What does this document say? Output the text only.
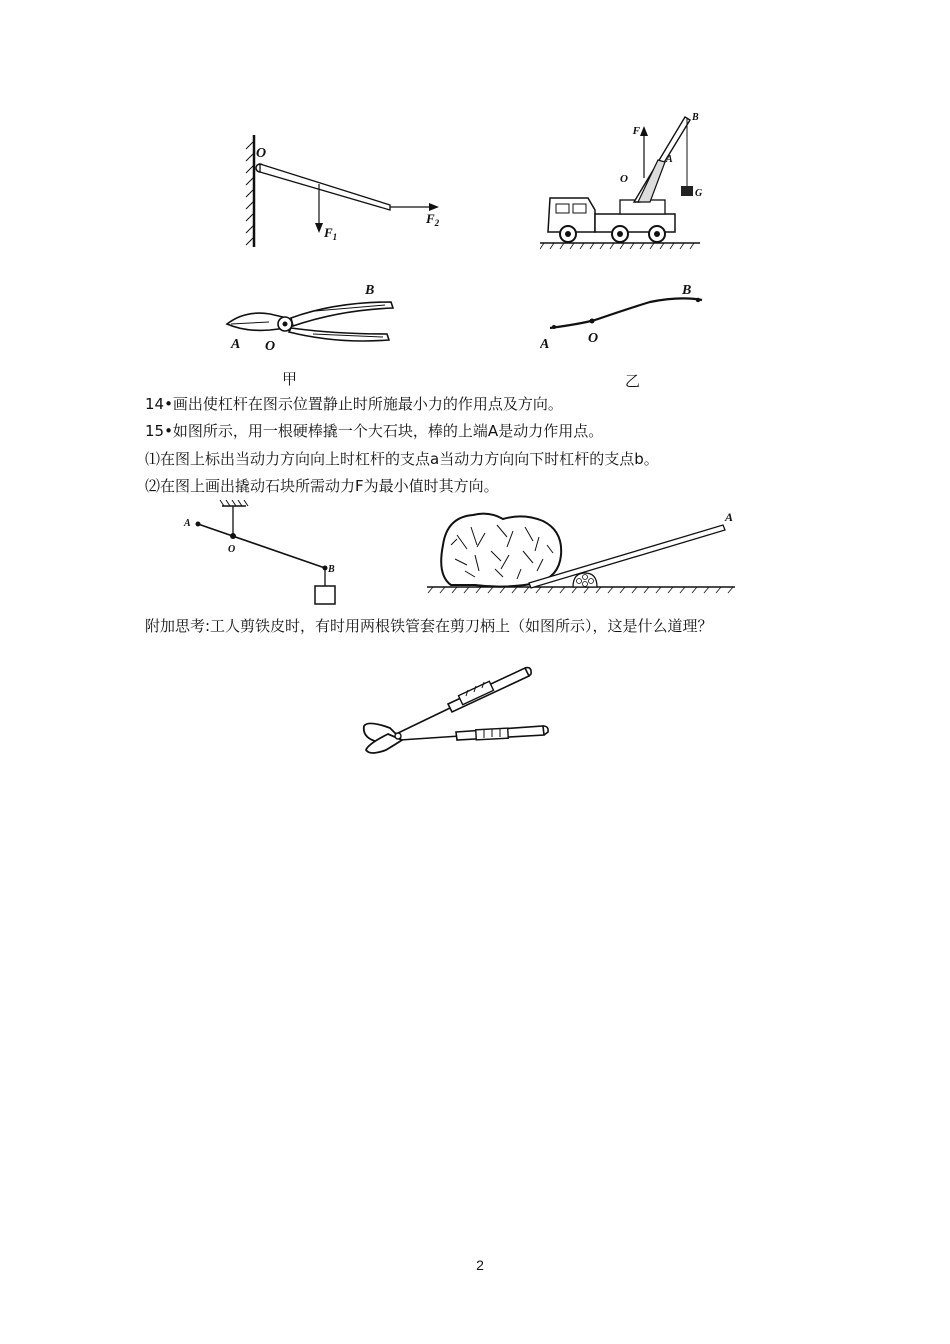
O
$F_1$
$F_2$
F
B
A
O
G
B
A O	A	O
B
甲	乙
14•画出使杠杆在图示位置静止时所施最小力的作用点及方向。
15•如图所示，用一根硬棒撬一个大石块，棒的上端A是动力作用点。
⑴在图上标出当动力方向向上时杠杆的支点a当动力方向向下时杠杆的支点b。
⑵在图上画出撬动石块所需动力F为最小值时其方向。
A
O
B
A
附加思考:工人剪铁皮时，有时用两根铁管套在剪刀柄上（如图所示），这是什么道理？
2
